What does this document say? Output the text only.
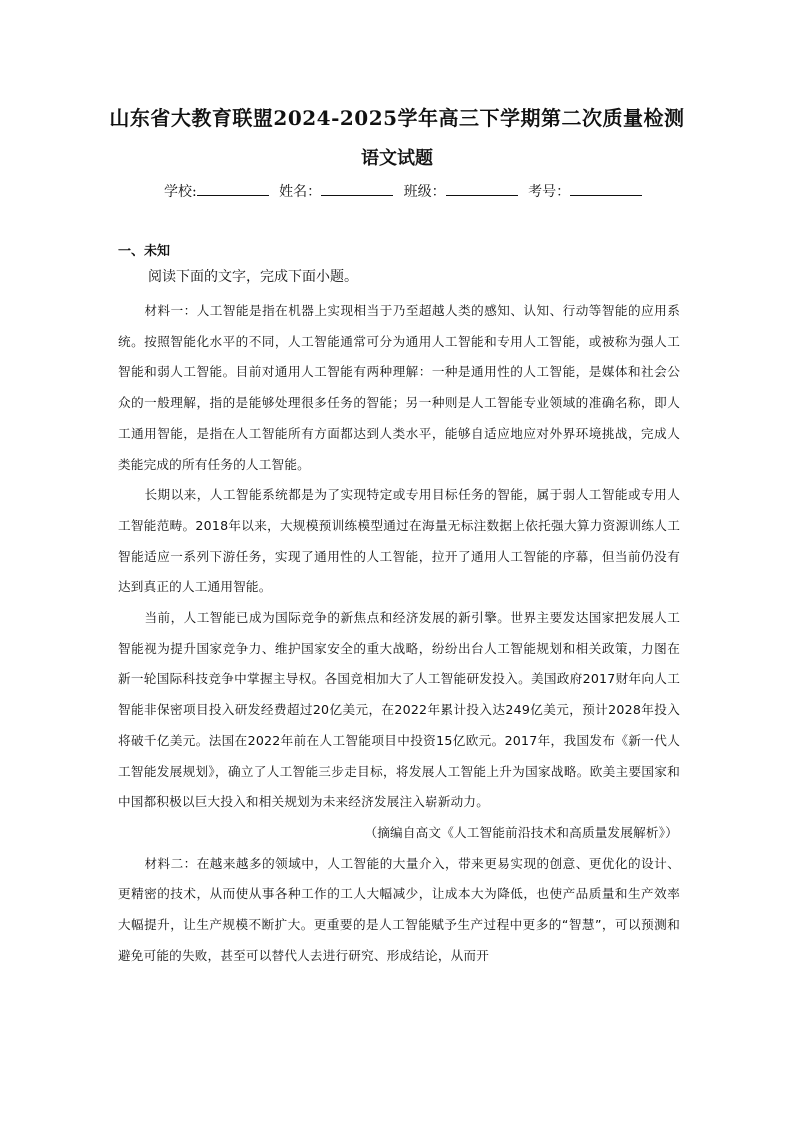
山东省大教育联盟2024-2025学年高三下学期第二次质量检测
语文试题
学校:	姓名：	班级：	考号：
一、未知
阅读下面的文字，完成下面小题。

材料一：人工智能是指在机器上实现相当于乃至超越人类的感知、认知、行动等智能的应用系统。按照智能化水平的不同，人工智能通常可分为通用人工智能和专用人工智能，或被称为强人工智能和弱人工智能。目前对通用人工智能有两种理解：一种是通用性的人工智能，是媒体和社会公众的一般理解，指的是能够处理很多任务的智能；另一种则是人工智能专业领域的准确名称，即人工通用智能，是指在人工智能所有方面都达到人类水平，能够自适应地应对外界环境挑战，完成人类能完成的所有任务的人工智能。

长期以来，人工智能系统都是为了实现特定或专用目标任务的智能，属于弱人工智能或专用人工智能范畴。2018年以来，大规模预训练模型通过在海量无标注数据上依托强大算力资源训练人工智能适应一系列下游任务，实现了通用性的人工智能，拉开了通用人工智能的序幕，但当前仍没有达到真正的人工通用智能。

当前，人工智能已成为国际竞争的新焦点和经济发展的新引擎。世界主要发达国家把发展人工智能视为提升国家竞争力、维护国家安全的重大战略，纷纷出台人工智能规划和相关政策，力图在新一轮国际科技竞争中掌握主导权。各国竞相加大了人工智能研发投入。美国政府2017财年向人工智能非保密项目投入研发经费超过20亿美元，在2022年累计投入达249亿美元，预计2028年投入将破千亿美元。法国在2022年前在人工智能项目中投资15亿欧元。2017年，我国发布《新一代人工智能发展规划》，确立了人工智能三步走目标，将发展人工智能上升为国家战略。欧美主要国家和中国都积极以巨大投入和相关规划为未来经济发展注入崭新动力。

（摘编自高文《人工智能前沿技术和高质量发展解析》）

材料二：在越来越多的领域中，人工智能的大量介入，带来更易实现的创意、更优化的设计、更精密的技术，从而使从事各种工作的工人大幅减少，让成本大为降低，也使产品质量和生产效率大幅提升，让生产规模不断扩大。更重要的是人工智能赋予生产过程中更多的“智慧”，可以预测和避免可能的失败，甚至可以替代人去进行研究、形成结论，从而开
